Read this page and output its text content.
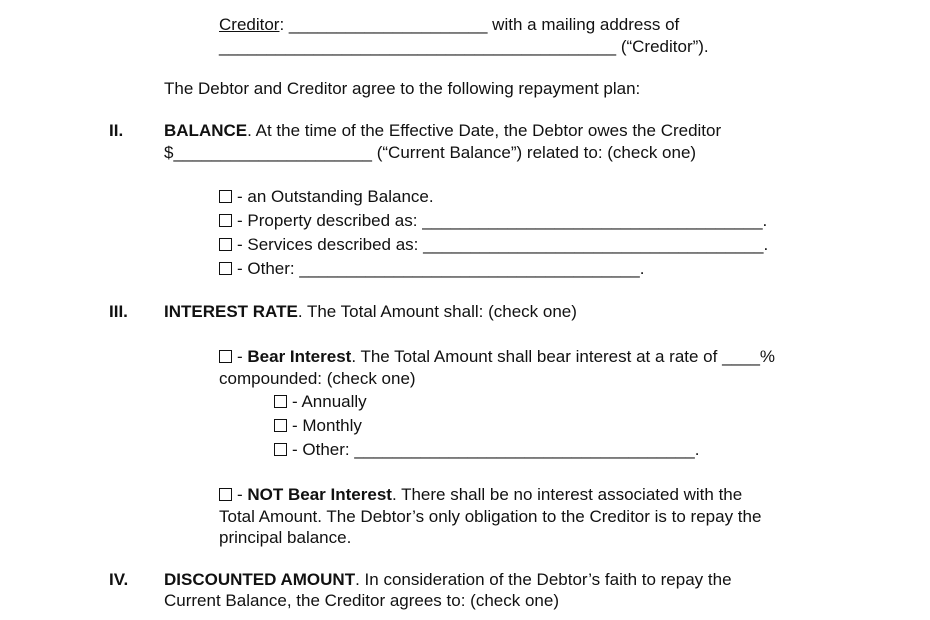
Creditor: _____________________ with a mailing address of
__________________________________________ (“Creditor”).
The Debtor and Creditor agree to the following repayment plan:
II. BALANCE. At the time of the Effective Date, the Debtor owes the Creditor
$_____________________ (“Current Balance”) related to: (check one)
- an Outstanding Balance.
- Property described as: ____________________________________.
- Services described as: ____________________________________.
- Other: ____________________________________.
III. INTEREST RATE. The Total Amount shall: (check one)
- Bear Interest. The Total Amount shall bear interest at a rate of ____%
compounded: (check one)
- Annually
- Monthly
- Other: ____________________________________.
- NOT Bear Interest. There shall be no interest associated with the
Total Amount. The Debtor’s only obligation to the Creditor is to repay the
principal balance.
IV. DISCOUNTED AMOUNT. In consideration of the Debtor’s faith to repay the
Current Balance, the Creditor agrees to: (check one)
